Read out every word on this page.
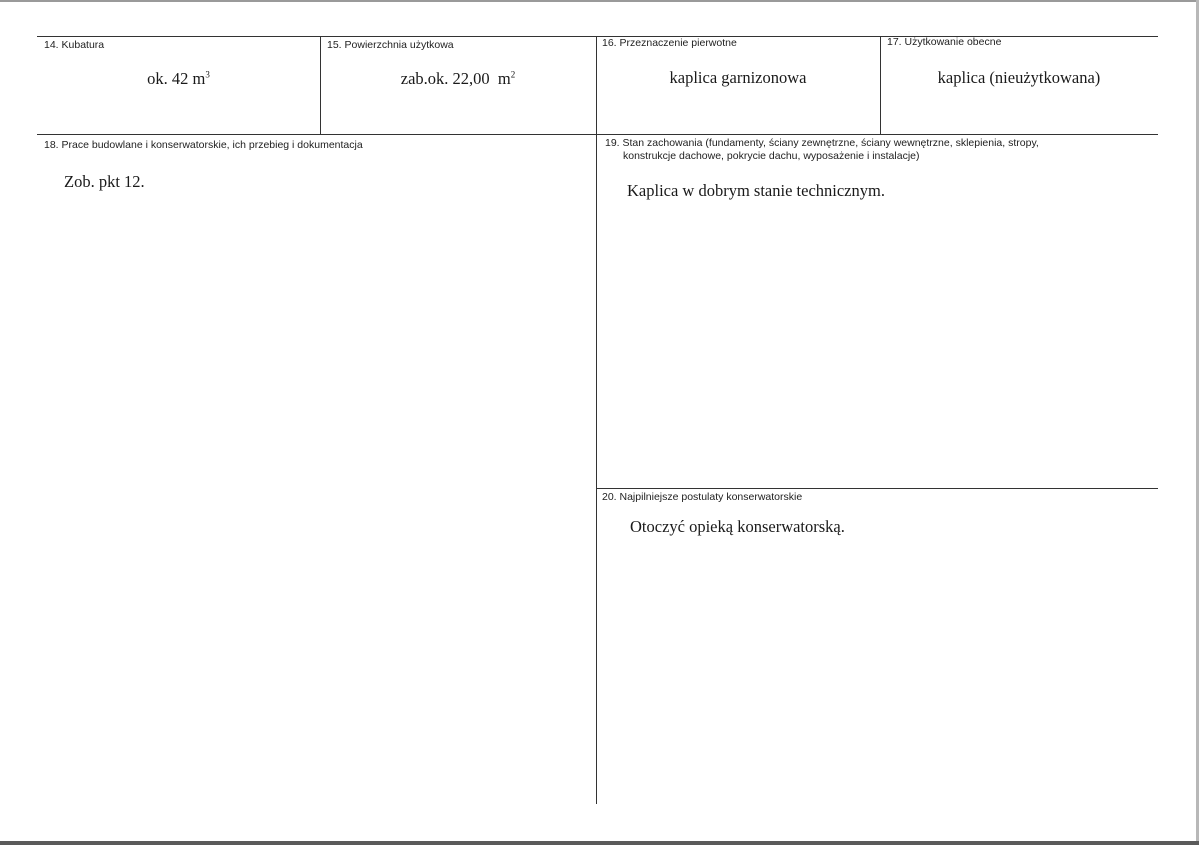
14. Kubatura
ok. 42 $m^3$
15. Powierzchnia użytkowa
zab.ok. 22,00  $m^2$
16. Przeznaczenie pierwotne
kaplica garnizonowa
17. Użytkowanie obecne
kaplica (nieużytkowana)
18. Prace budowlane i konserwatorskie, ich przebieg i dokumentacja
Zob. pkt 12.
19. Stan zachowania (fundamenty, ściany zewnętrzne, ściany wewnętrzne, sklepienia, stropy,
konstrukcje dachowe, pokrycie dachu, wyposażenie i instalacje)
Kaplica w dobrym stanie technicznym.
20. Najpilniejsze postulaty konserwatorskie
Otoczyć opieką konserwatorską.
